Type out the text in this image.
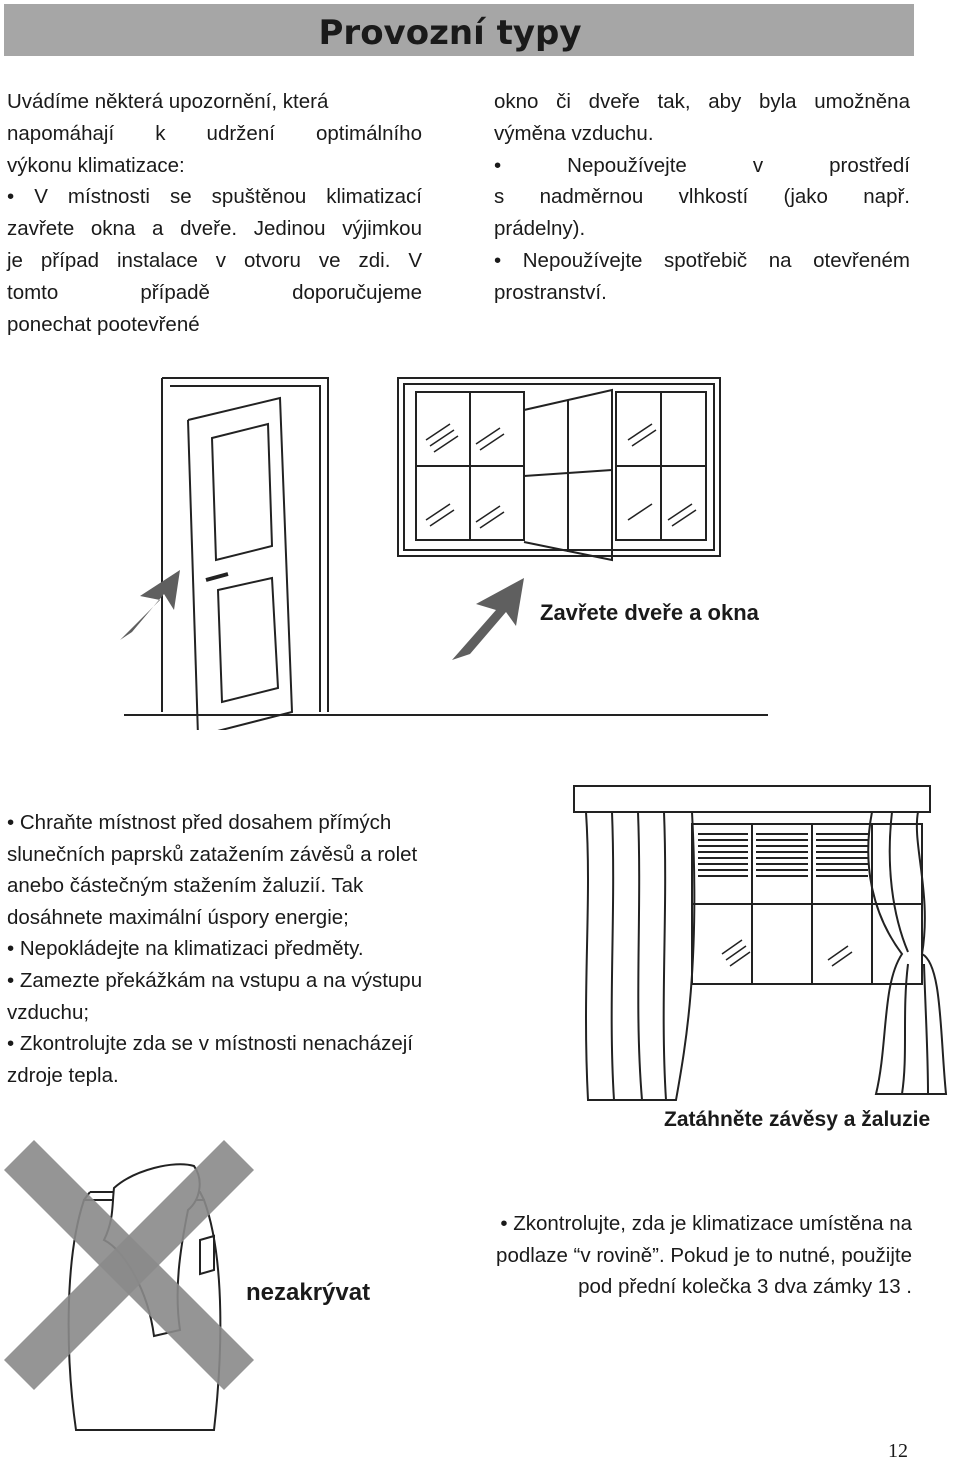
Provozní typy
Uvádíme některá upozornění, která
napomáhají k udržení optimálního
výkonu klimatizace:
• V místnosti se spuštěnou klimatizací
zavřete okna a dveře. Jedinou výjimkou
je případ instalace v otvoru ve zdi. V
tomto případě doporučujeme
ponechat pootevřené
okno či dveře tak, aby byla umožněna
výměna vzduchu.
• Nepoužívejte v prostředí
s nadměrnou vlhkostí (jako např.
prádelny).
• Nepoužívejte spotřebič na otevřeném
prostranství.
Zavřete dveře a okna
• Chraňte místnost před dosahem přímých
slunečních paprsků zatažením závěsů a rolet
anebo částečným stažením žaluzií. Tak
dosáhnete maximální úspory energie;
• Nepokládejte na klimatizaci předměty.
• Zamezte překážkám na vstupu a na výstupu
vzduchu;
• Zkontrolujte zda se v místnosti nenacházejí
zdroje tepla.
Zatáhněte závěsy a žaluzie
nezakrývat
• Zkontrolujte, zda je klimatizace umístěna na
podlaze “v rovině”. Pokud je to nutné, použijte
pod přední kolečka 3 dva zámky 13 .
12
